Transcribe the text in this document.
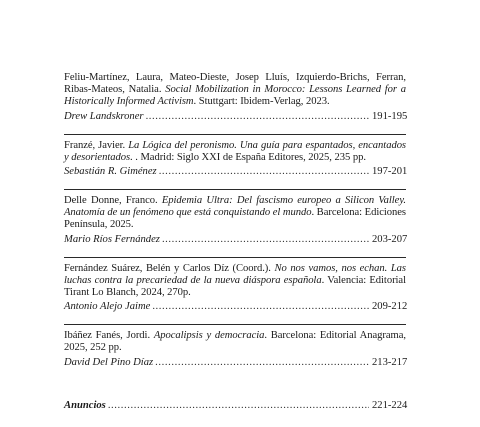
Feliu-Martínez, Laura, Mateo-Dieste, Josep Lluís, Izquierdo-Brichs, Ferran, Ribas-Mateos, Natalia. Social Mobilization in Morocco: Lessons Learned for a Historically Informed Activism. Stuttgart: Ibidem-Verlag, 2023.
Drew Landskroner .....	191-195
Franzé, Javier. La Lógica del peronismo. Una guía para espantados, encantados y desorientados. . Madrid: Siglo XXI de España Editores, 2025, 235 pp.
Sebastián R. Giménez .....	197-201
Delle Donne, Franco. Epidemia Ultra: Del fascismo europeo a Silicon Valley. Anatomía de un fenómeno que está conquistando el mundo. Barcelona: Ediciones Península, 2025.
Mario Ríos Fernández .....	203-207
Fernández Suárez, Belén y Carlos Díz (Coord.). No nos vamos, nos echan. Las luchas contra la precariedad de la nueva diáspora española. Valencia: Editorial Tirant Lo Blanch, 2024, 270p.
Antonio Alejo Jaime .....	209-212
Ibáñez Fanés, Jordi. Apocalipsis y democracia. Barcelona: Editorial Anagrama, 2025, 252 pp.
David Del Pino Díaz .....	213-217
Anuncios .....	221-224
